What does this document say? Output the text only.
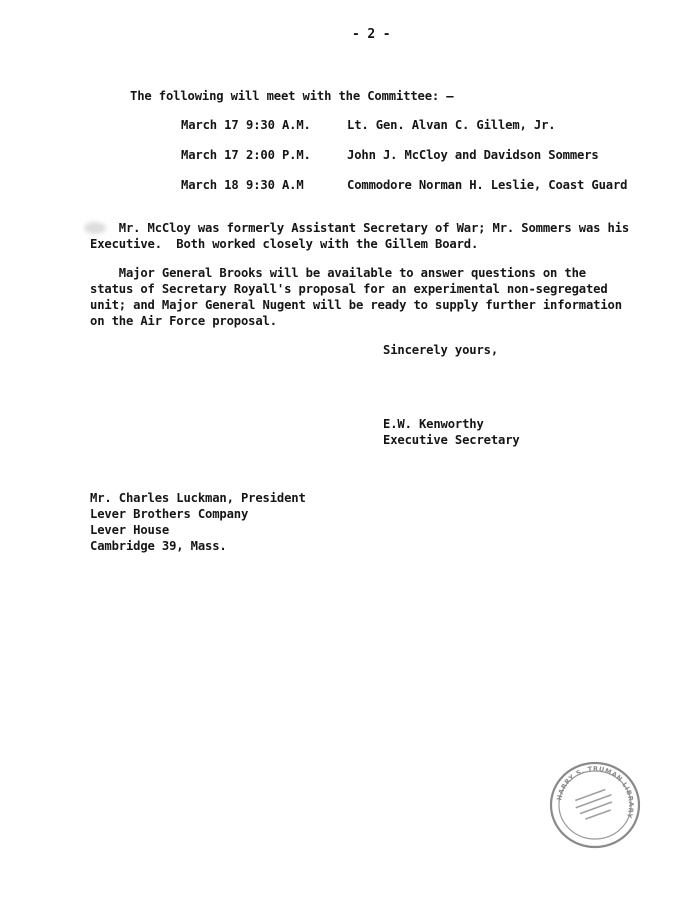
- 2 -
The following will meet with the Committee: —
March 17 9:30 A.M.	Lt. Gen. Alvan C. Gillem, Jr.
March 17 2:00 P.M.	John J. McCloy and Davidson Sommers
March 18 9:30 A.M	Commodore Norman H. Leslie, Coast Guard
Mr. McCloy was formerly Assistant Secretary of War; Mr. Sommers was his
Executive.  Both worked closely with the Gillem Board.
Major General Brooks will be available to answer questions on the
status of Secretary Royall's proposal for an experimental non-segregated
unit; and Major General Nugent will be ready to supply further information
on the Air Force proposal.
Sincerely yours,
E.W. Kenworthy
Executive Secretary
Mr. Charles Luckman, President
Lever Brothers Company
Lever House
Cambridge 39, Mass.
HARRY S. TRUMAN LIBRARY
